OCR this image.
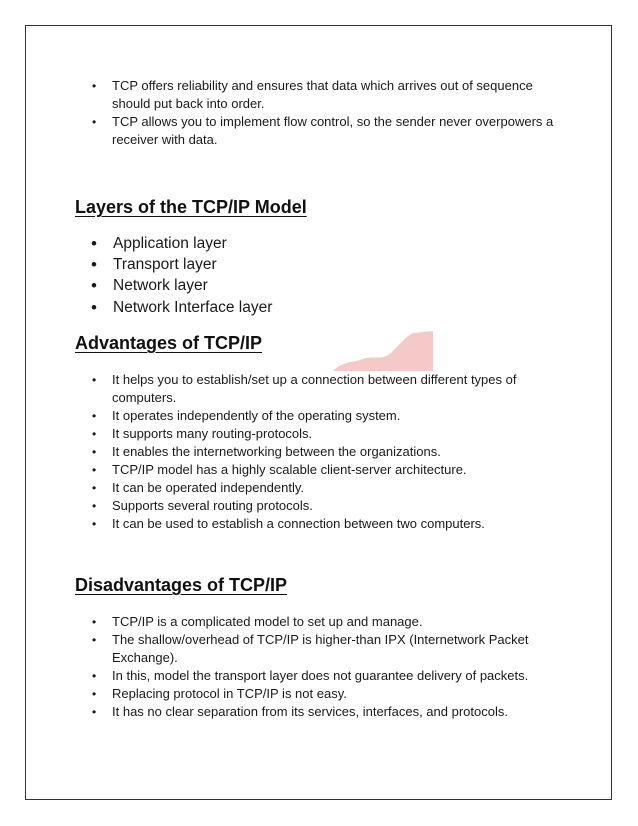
• TCP offers reliability and ensures that data which arrives out of sequence should put back into order.
• TCP allows you to implement flow control, so the sender never overpowers a receiver with data.
Layers of the TCP/IP Model
• Application layer
• Transport layer
• Network layer
• Network Interface layer
Advantages of TCP/IP
• It helps you to establish/set up a connection between different types of computers.
• It operates independently of the operating system.
• It supports many routing-protocols.
• It enables the internetworking between the organizations.
• TCP/IP model has a highly scalable client-server architecture.
• It can be operated independently.
• Supports several routing protocols.
• It can be used to establish a connection between two computers.
Disadvantages of TCP/IP
• TCP/IP is a complicated model to set up and manage.
• The shallow/overhead of TCP/IP is higher-than IPX (Internetwork Packet Exchange).
• In this, model the transport layer does not guarantee delivery of packets.
• Replacing protocol in TCP/IP is not easy.
• It has no clear separation from its services, interfaces, and protocols.
